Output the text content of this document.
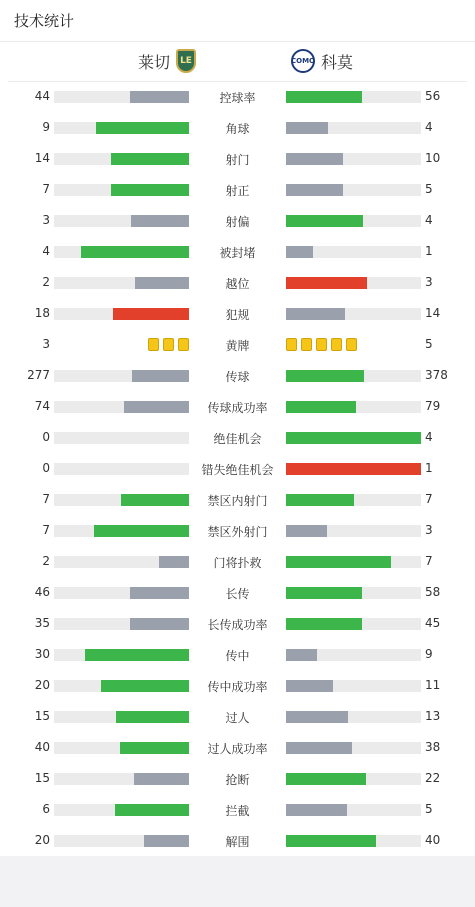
技术统计
莱切	LE	COMO 科莫
44	控球率	56
9	角球	4
14	射门	10
7	射正	5
3	射偏	4
4	被封堵	1
2	越位	3
18	犯规	14
3	黄牌	5
277	传球	378
74	传球成功率	79
0	绝佳机会	4
0	错失绝佳机会	1
7	禁区内射门	7
7	禁区外射门	3
2	门将扑救	7
46	长传	58
35	长传成功率	45
30	传中	9
20	传中成功率	11
15	过人	13
40	过人成功率	38
15	抢断	22
6	拦截	5
20	解围	40
